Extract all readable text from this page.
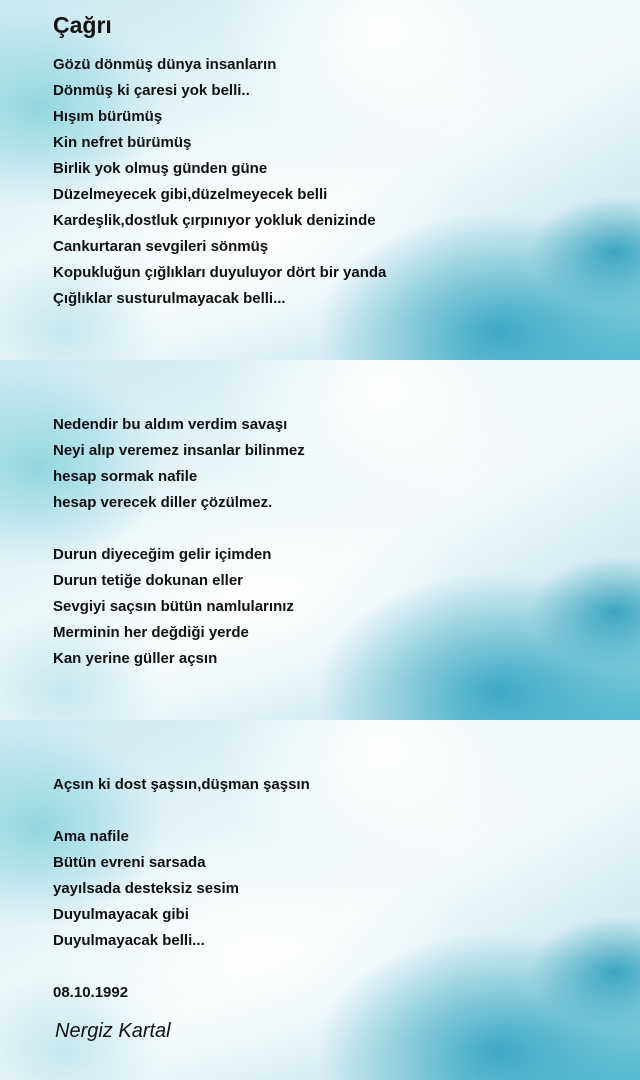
Çağrı
Gözü dönmüş dünya insanların
Dönmüş ki çaresi yok belli..
Hışım bürümüş
Kin nefret bürümüş
Birlik yok olmuş günden güne
Düzelmeyecek gibi,düzelmeyecek belli
Kardeşlik,dostluk çırpınıyor yokluk denizinde
Cankurtaran sevgileri sönmüş
Kopukluğun çığlıkları duyuluyor dört bir yanda
Çığlıklar susturulmayacak belli...
Nedendir bu aldım verdim savaşı
Neyi alıp veremez insanlar bilinmez
hesap sormak nafile
hesap verecek diller çözülmez.
Durun diyeceğim gelir içimden
Durun tetiğe dokunan eller
Sevgiyi saçsın bütün namlularınız
Merminin her değdiği yerde
Kan yerine güller açsın
Açsın ki dost şaşsın,düşman şaşsın
Ama nafile
Bütün evreni sarsada
yayılsada desteksiz sesim
Duyulmayacak gibi
Duyulmayacak belli...
08.10.1992
Nergiz Kartal
